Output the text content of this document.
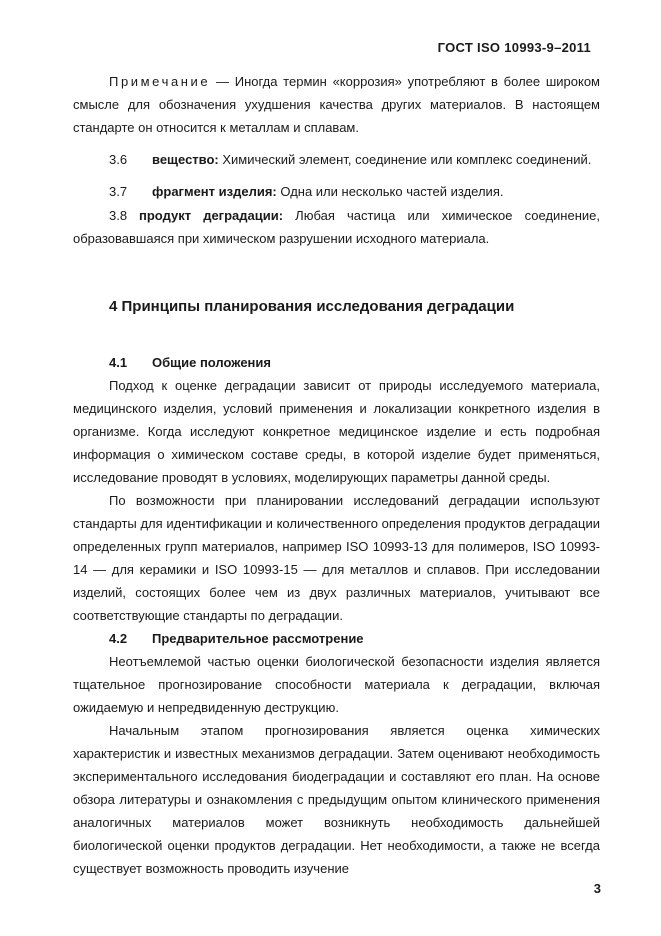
ГОСТ ISO 10993-9–2011

Примечание — Иногда термин «коррозия» употребляют в более широком смысле для обозначения ухудшения качества других материалов. В настоящем стандарте он относится к металлам и сплавам.

3.6 вещество: Химический элемент, соединение или комплекс соединений.

3.7 фрагмент изделия: Одна или несколько частей изделия.

3.8 продукт деградации: Любая частица или химическое соединение, образовавшаяся при химическом разрушении исходного материала.

4 Принципы планирования исследования деградации

4.1 Общие положения

Подход к оценке деградации зависит от природы исследуемого материала, медицинского изделия, условий применения и локализации конкретного изделия в организме. Когда исследуют конкретное медицинское изделие и есть подробная информация о химическом составе среды, в которой изделие будет применяться, исследование проводят в условиях, моделирующих параметры данной среды.

По возможности при планировании исследований деградации используют стандарты для идентификации и количественного определения продуктов деградации определенных групп материалов, например ISO 10993-13 для полимеров, ISO 10993-14 — для керамики и ISO 10993-15 — для металлов и сплавов. При исследовании изделий, состоящих более чем из двух различных материалов, учитывают все соответствующие стандарты по деградации.

4.2 Предварительное рассмотрение

Неотъемлемой частью оценки биологической безопасности изделия является тщательное прогнозирование способности материала к деградации, включая ожидаемую и непредвиденную деструкцию.

Начальным этапом прогнозирования является оценка химических характеристик и известных механизмов деградации. Затем оценивают необходимость экспериментального исследования биодеградации и составляют его план. На основе обзора литературы и ознакомления с предыдущим опытом клинического применения аналогичных материалов может возникнуть необходимость дальнейшей биологической оценки продуктов деградации. Нет необходимости, а также не всегда существует возможность проводить изучение

3
